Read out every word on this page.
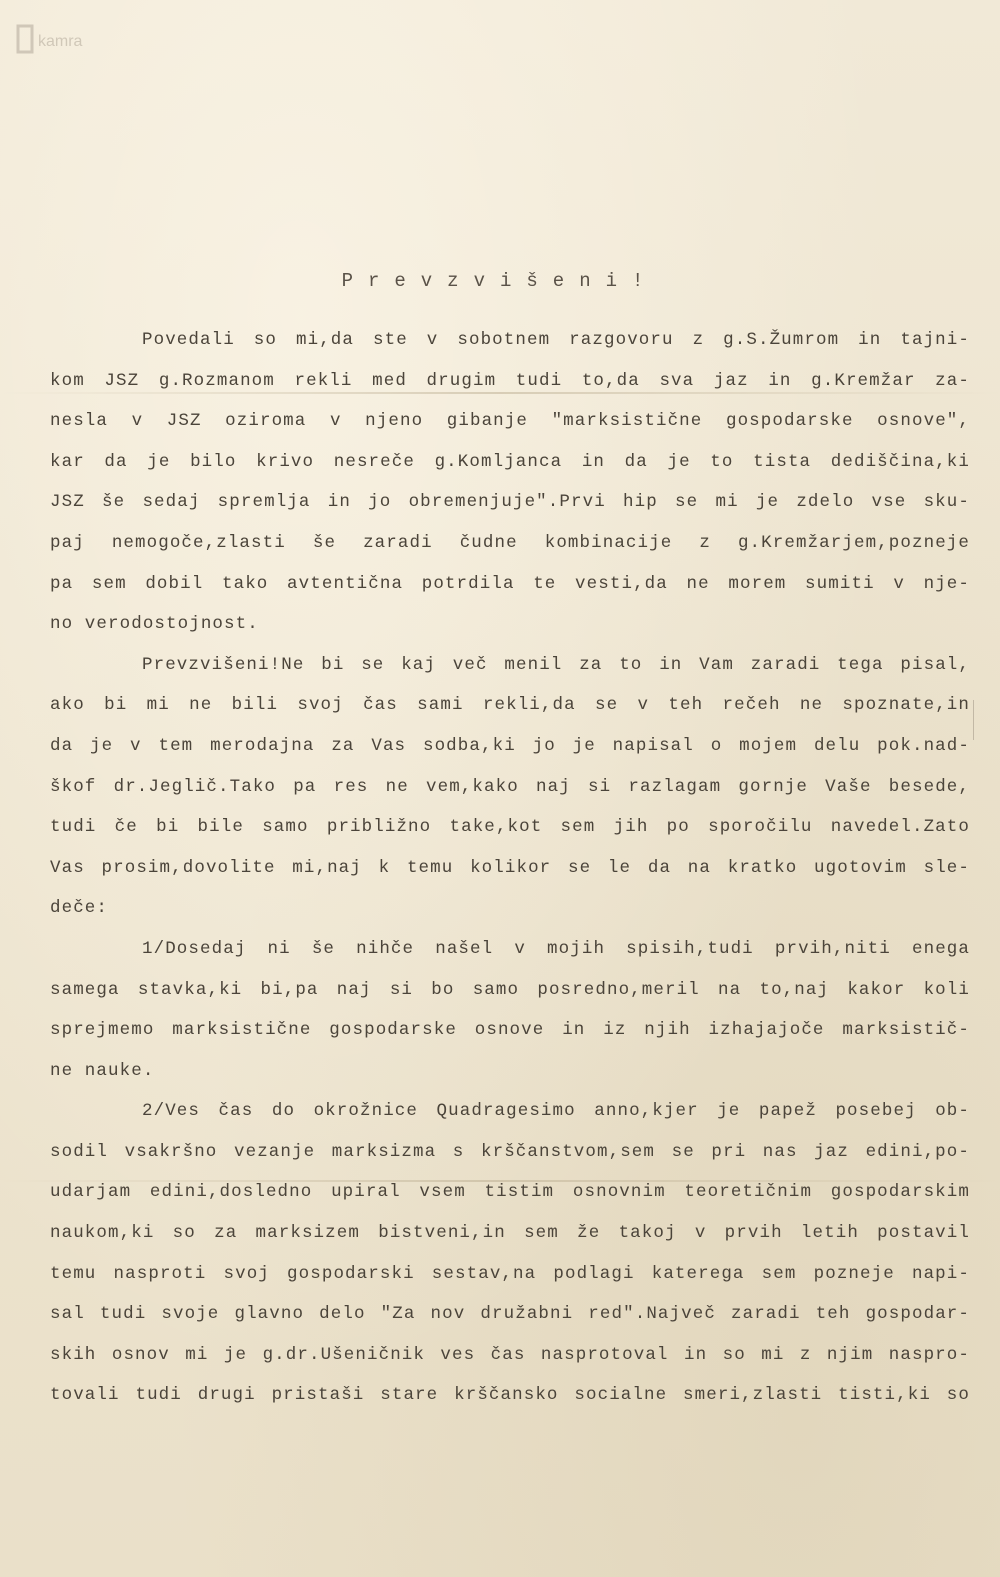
kamra
Prevzvišeni!
Povedali so mi,da ste v sobotnem razgovoru z g.S.Žumrom in tajni-
kom JSZ g.Rozmanom rekli med drugim tudi to,da sva jaz in g.Kremžar za-
nesla v JSZ oziroma v njeno gibanje "marksistične gospodarske osnove",
kar da je bilo krivo nesreče g.Komljanca in da je to tista dediščina,ki
JSZ še sedaj spremlja in jo obremenjuje".Prvi hip se mi je zdelo vse sku-
paj nemogoče,zlasti še zaradi čudne kombinacije z g.Kremžarjem,pozneje
pa sem dobil tako avtentična potrdila te vesti,da ne morem sumiti v nje-
no verodostojnost.
Prevzvišeni!Ne bi se kaj več menil za to in Vam zaradi tega pisal,
ako bi mi ne bili svoj čas sami rekli,da se v teh rečeh ne spoznate,in
da je v tem merodajna za Vas sodba,ki jo je napisal o mojem delu pok.nad-
škof dr.Jeglič.Tako pa res ne vem,kako naj si razlagam gornje Vaše besede,
tudi če bi bile samo približno take,kot sem jih po sporočilu navedel.Zato
Vas prosim,dovolite mi,naj k temu kolikor se le da na kratko ugotovim sle-
deče:
1/Dosedaj ni še nihče našel v mojih spisih,tudi prvih,niti enega
samega stavka,ki bi,pa naj si bo samo posredno,meril na to,naj kakor koli
sprejmemo marksistične gospodarske osnove in iz njih izhajajoče marksistič-
ne nauke.
2/Ves čas do okrožnice Quadragesimo anno,kjer je papež posebej ob-
sodil vsakršno vezanje marksizma s krščanstvom,sem se pri nas jaz edini,po-
udarjam edini,dosledno upiral vsem tistim osnovnim teoretičnim gospodarskim
naukom,ki so za marksizem bistveni,in sem že takoj v prvih letih postavil
temu nasproti svoj gospodarski sestav,na podlagi katerega sem pozneje napi-
sal tudi svoje glavno delo "Za nov družabni red".Največ zaradi teh gospodar-
skih osnov mi je g.dr.Ušeničnik ves čas nasprotoval in so mi z njim naspro-
tovali tudi drugi pristaši stare krščansko socialne smeri,zlasti tisti,ki so
